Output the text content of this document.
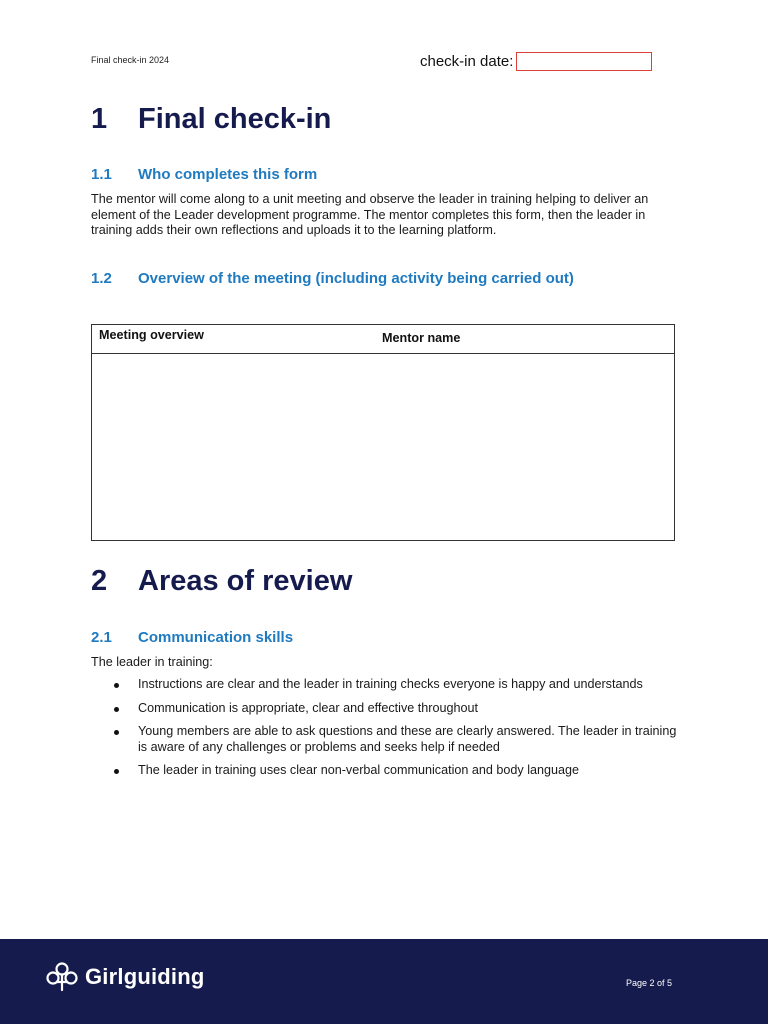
Final check-in 2024	check-in date:
1	Final check-in
1.1	Who completes this form

The mentor will come along to a unit meeting and observe the leader in training helping to deliver an element of the Leader development programme. The mentor completes this form, then the leader in training adds their own reflections and uploads it to the learning platform.

1.2	Overview of the meeting (including activity being carried out)
Meeting overview	Mentor name
2	Areas of review
2.1	Communication skills

The leader in training:

Instructions are clear and the leader in training checks everyone is happy and understands
Communication is appropriate, clear and effective throughout
Young members are able to ask questions and these are clearly answered. The leader in training is aware of any challenges or problems and seeks help if needed
The leader in training uses clear non-verbal communication and body language
Girlguiding	Page 2 of 5
